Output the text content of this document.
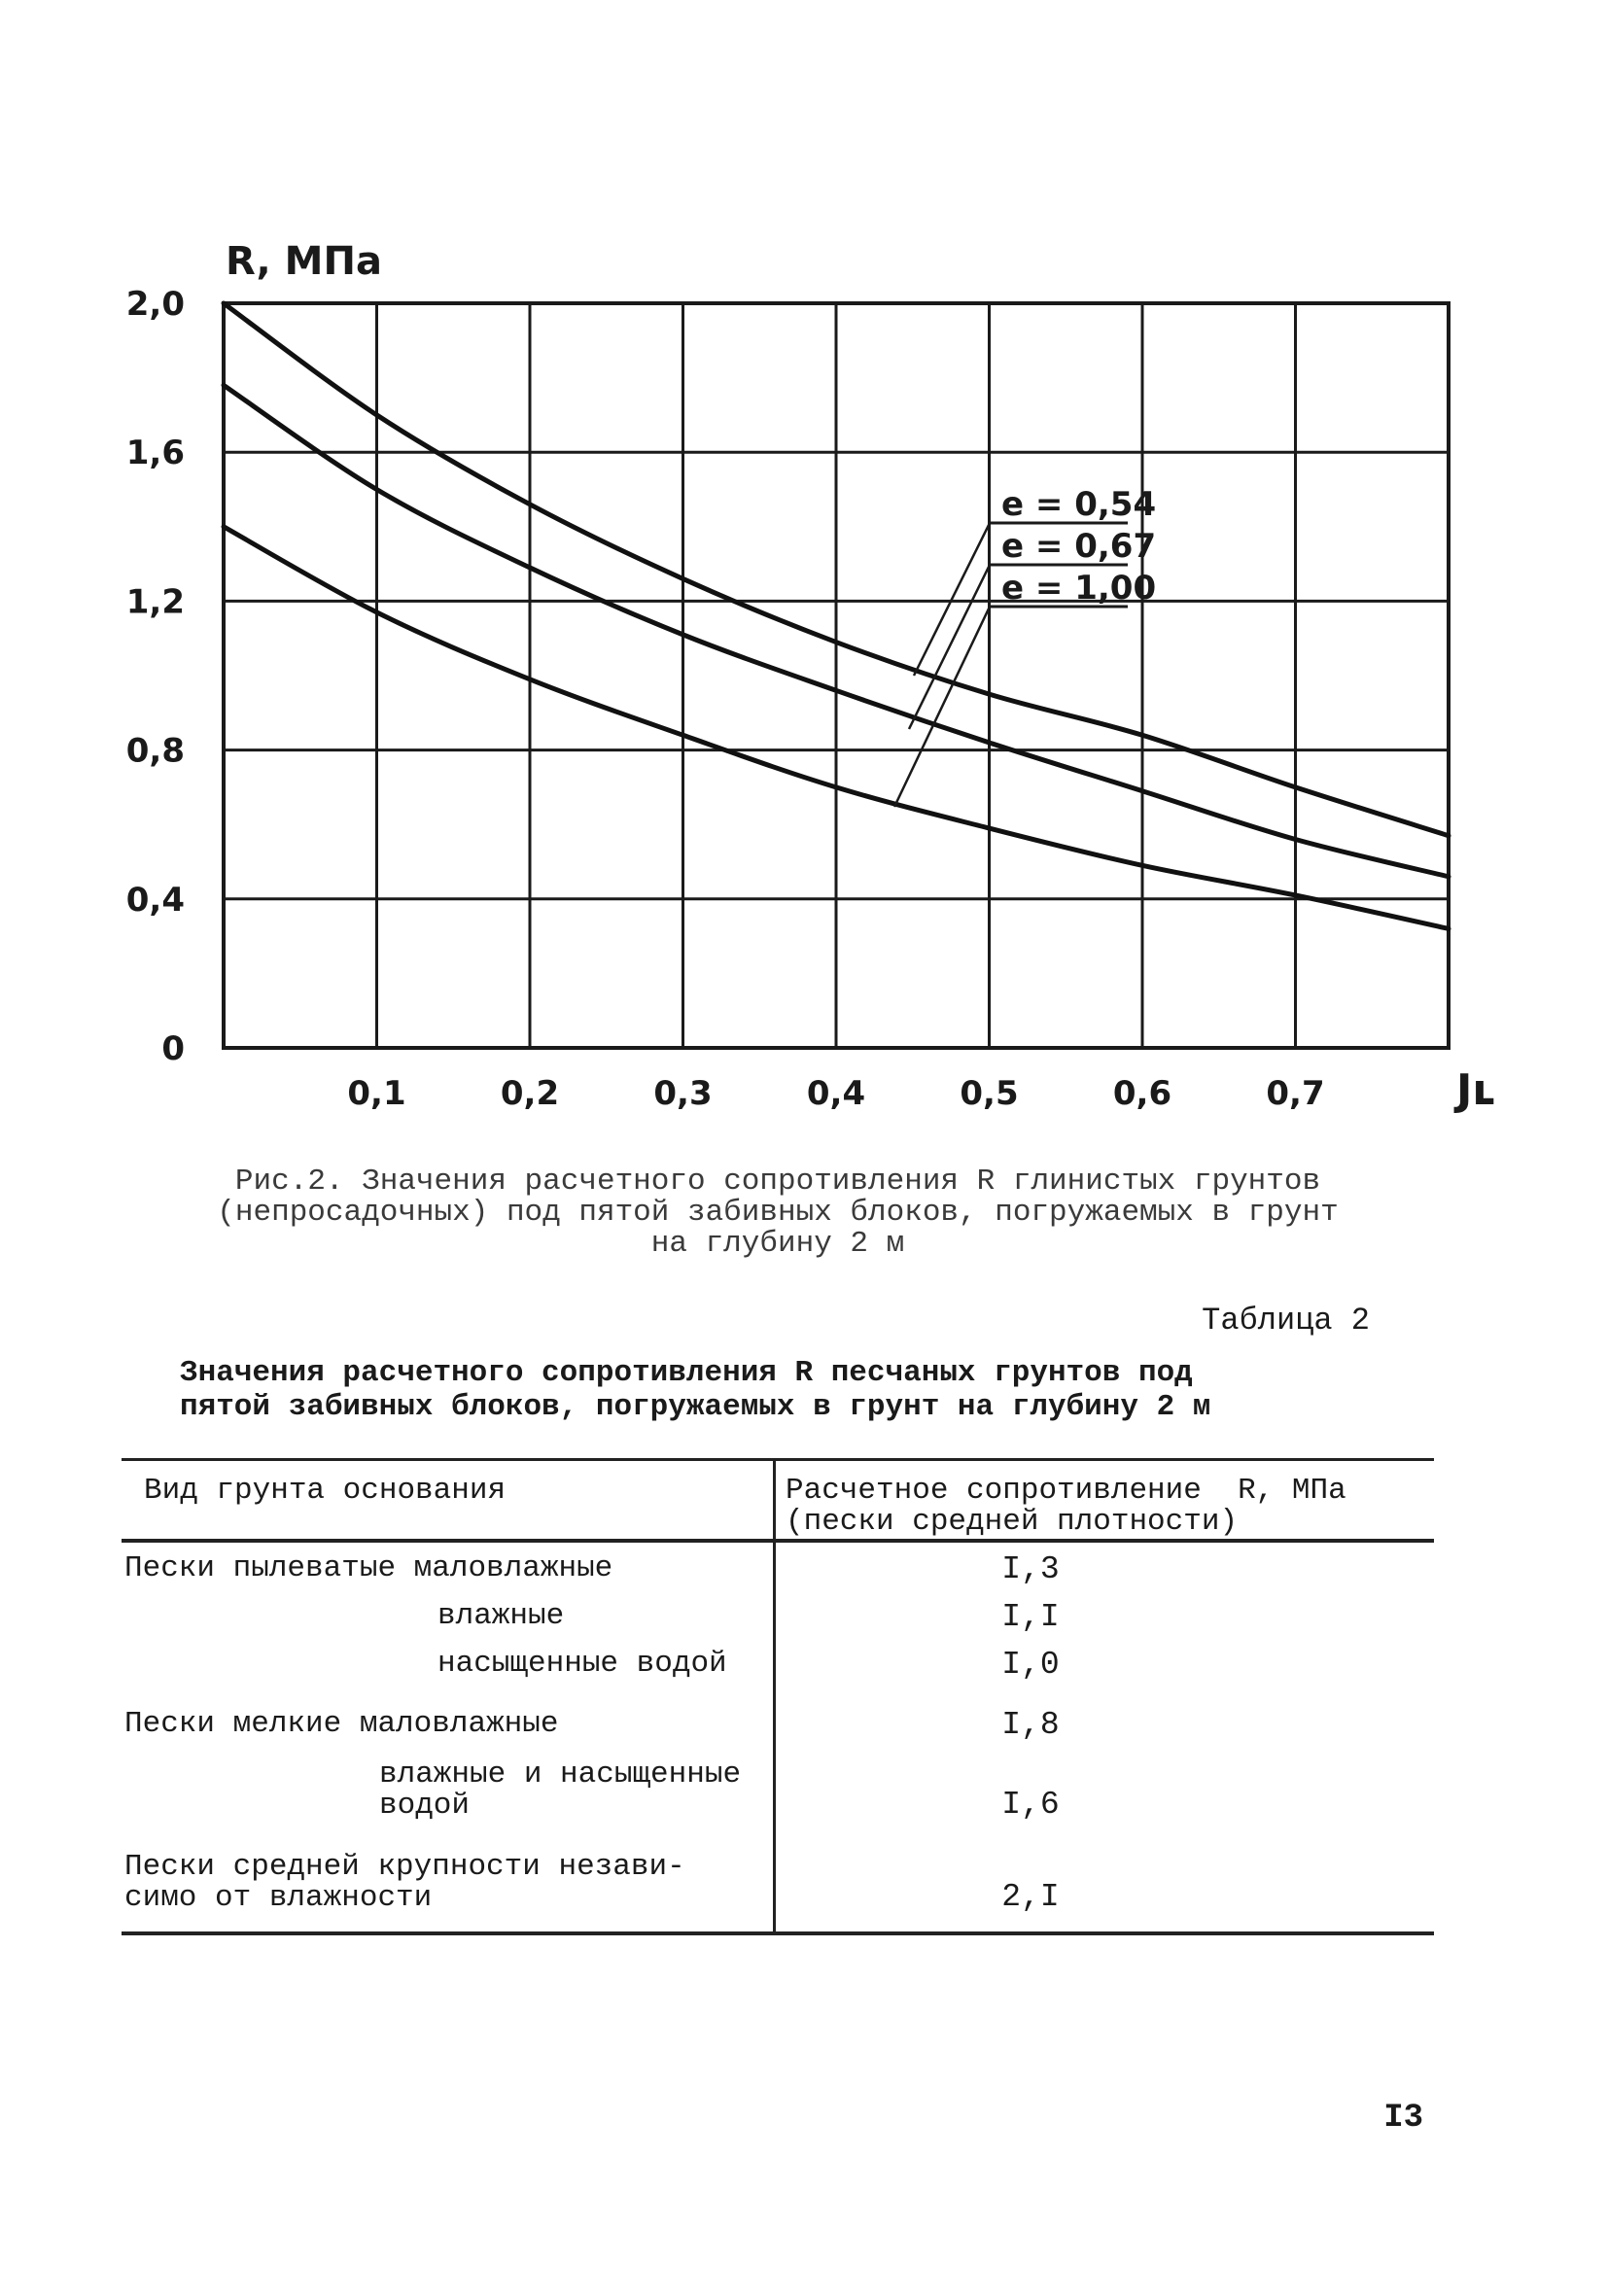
2,0
1,6
1,2
0,8
0,4
0
0,1	0,2	0,3	0,4	0,5	0,6	0,7
R, МПа
Jʟ
e = 0,54
e = 0,67
e = 1,00
Рис.2. Значения расчетного сопротивления R глинистых грунтов
(непросадочных) под пятой забивных блоков, погружаемых в грунт
на глубину 2 м
Таблица 2
Значения расчетного сопротивления R песчаных грунтов под
пятой забивных блоков, погружаемых в грунт на глубину 2 м
Вид грунта основания	Расчетное сопротивление  R, МПа
(пески средней плотности)
Пески пылеватые маловлажные	I,3
влажные	I,I
насыщенные водой	I,0
Пески мелкие маловлажные	I,8
влажные и насыщенные
водой	I,6
Пески средней крупности незави-
симо от влажности	2,I
I3
